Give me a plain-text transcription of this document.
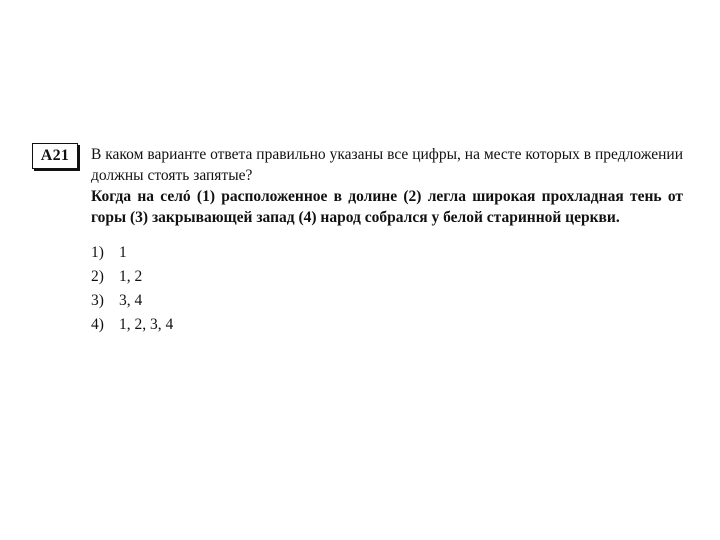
А21	В каком варианте ответа правильно указаны все цифры, на месте которых в предложении должны стоять запятые?

Когда на селó (1) расположенное в долине (2) легла широкая прохладная тень от горы (3) закрывающей запад (4) народ собрался у белой старинной церкви.

1) 1
2) 1, 2
3) 3, 4
4) 1, 2, 3, 4
